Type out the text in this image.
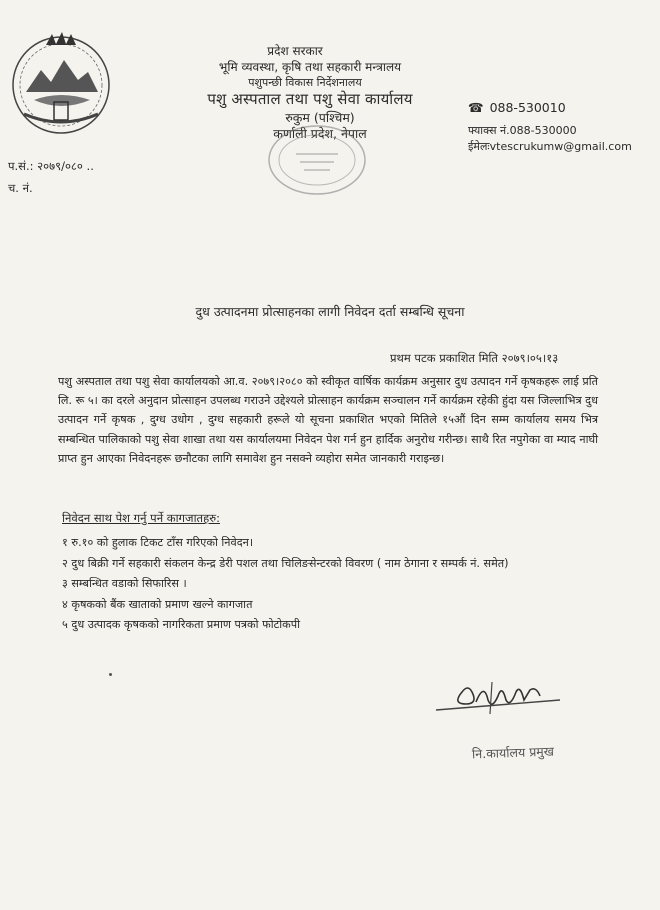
प्रदेश सरकार
भूमि व्यवस्था, कृषि तथा सहकारी मन्त्रालय
पशुपन्छी विकास निर्देशनालय
पशु अस्पताल तथा पशु सेवा कार्यालय
रुकुम (पश्चिम)
कर्णाली प्रदेश, नेपाल
☎ 088-530010
फ्याक्स नं.088-530000
ईमेलःvtescrukumw@gmail.com
प.सं.: २०७९/०८० ..
च. नं.
दुध उत्पादनमा प्रोत्साहनका लागी निवेदन दर्ता सम्बन्धि सूचना
प्रथम पटक प्रकाशित मिति २०७९।०५।१३
पशु अस्पताल तथा पशु सेवा कार्यालयको आ.व. २०७९।२०८० को स्वीकृत वार्षिक कार्यक्रम अनुसार दुध उत्पादन गर्ने कृषकहरू लाई प्रति लि. रू ५। का दरले अनुदान प्रोत्साहन उपलब्ध गराउने उद्देश्यले प्रोत्साहन कार्यक्रम सञ्चालन गर्ने कार्यक्रम रहेकी हुंदा यस जिल्लाभित्र दुध उत्पादन गर्ने कृषक , दुग्ध उधोग , दुग्ध सहकारी हरूले यो सूचना प्रकाशित भएको मितिले १५औं दिन सम्म कार्यालय समय भित्र सम्बन्धित पालिकाको पशु सेवा शाखा तथा यस कार्यालयमा निवेदन पेश गर्न हुन हार्दिक अनुरोध गरीन्छ। साथै रित नपुगेका वा म्याद नाघी प्राप्त हुन आएका निवेदनहरू छनौटका लागि समावेश हुन नसक्ने व्यहोरा समेत जानकारी गराइन्छ।
निवेदन साथ पेश गर्नु पर्ने कागजातहरु:
१ रु.१० को हुलाक टिकट टाँस गरिएको निवेदन।
२ दुध बिक्री गर्ने सहकारी संकलन केन्द्र डेरी पशल तथा चिलिङसेन्टरको विवरण ( नाम ठेगाना र सम्पर्क नं. समेत)
३ सम्बन्धित वडाको सिफारिस ।
४ कृषकको बैंक खाताको प्रमाण खल्ने कागजात
५ दुध उत्पादक कृषकको नागरिकता प्रमाण पत्रको फोटोकपी
नि.कार्यालय प्रमुख
